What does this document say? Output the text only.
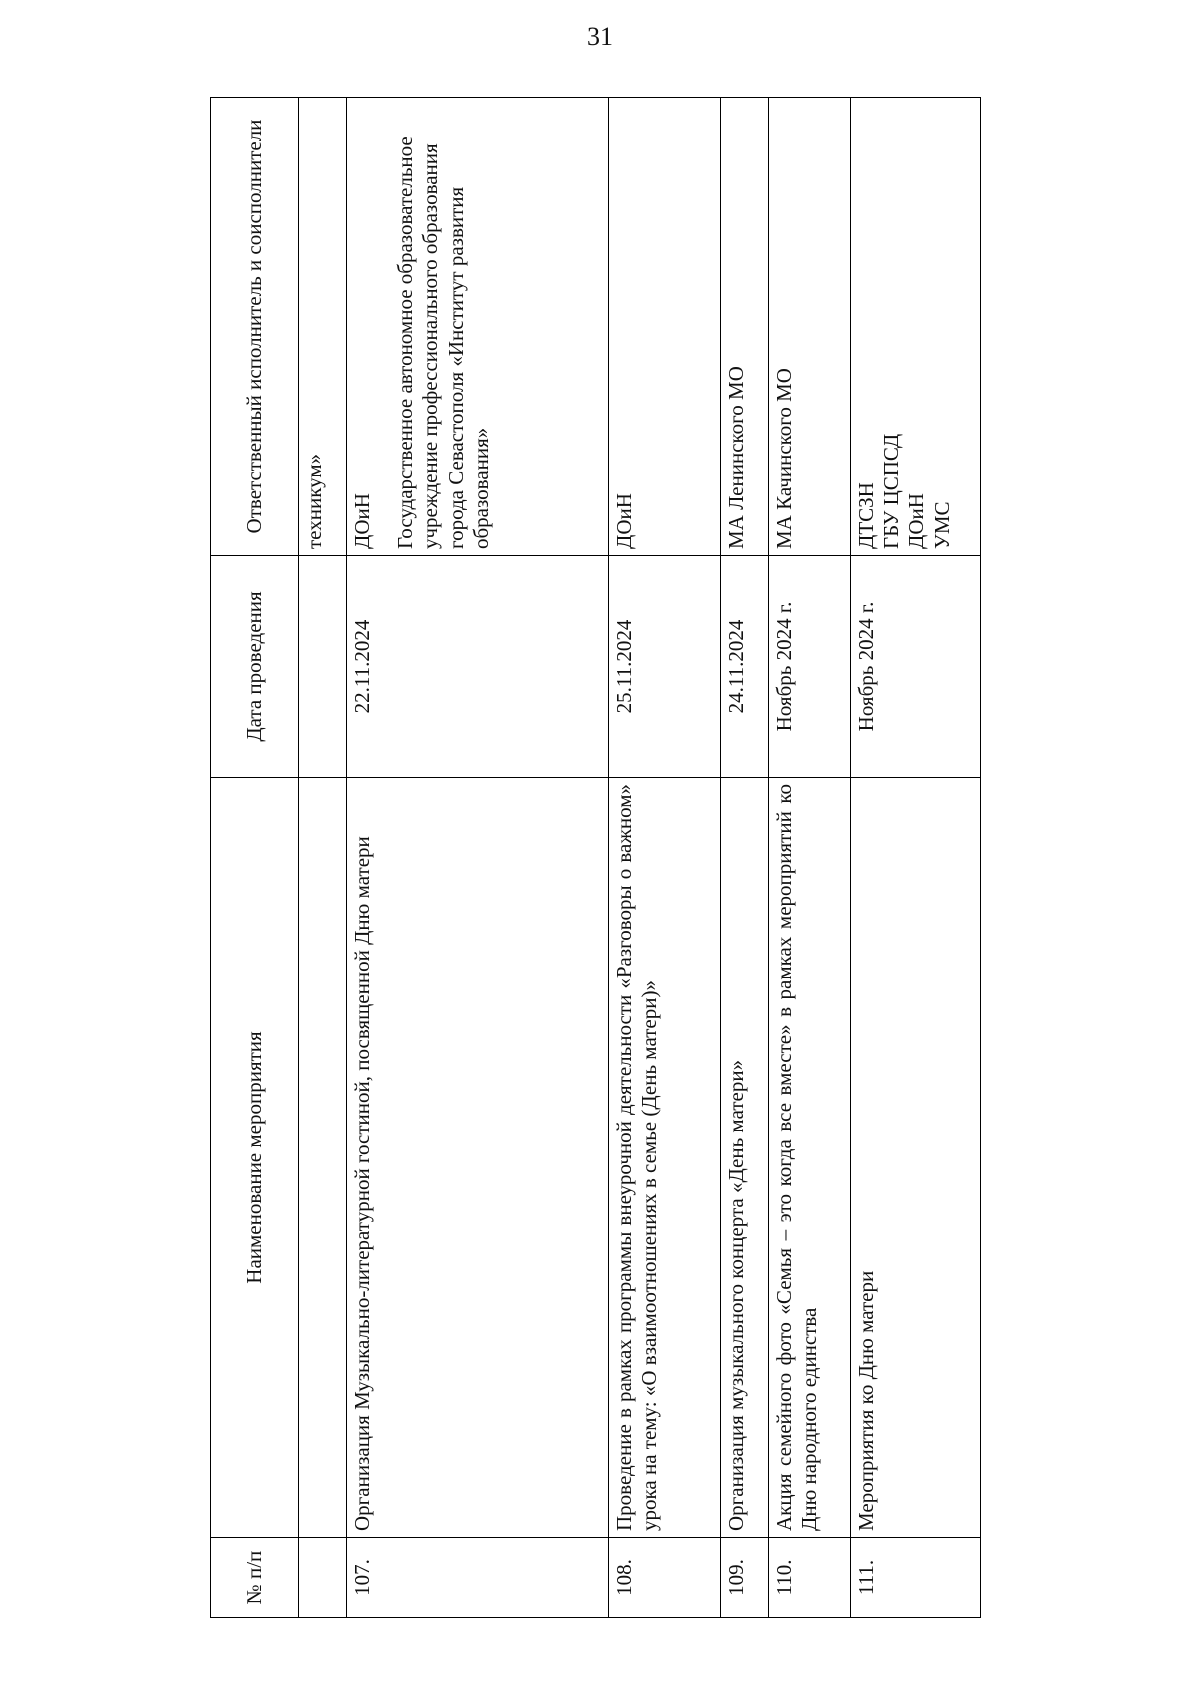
31
№ п/п	Наименование мероприятия	Дата проведения	Ответственный исполнитель и соисполнители

			техникум»

107.	Организация Музыкально-литературной гостиной, посвященной Дню матери	22.11.2024	ДОиН Государственное автономное образовательное учреждение профессионального образования города Севастополя «Институт развития образования»

108.	Проведение в рамках программы внеурочной деятельности «Разговоры о важном» урока на тему: «О взаимоотношениях в семье (День матери)»	25.11.2024	ДОиН

109.	Организация музыкального концерта «День матери»	24.11.2024	МА Ленинского МО

110.	Акция семейного фото «Семья – это когда все вместе» в рамках мероприятий ко Дню народного единства	Ноябрь 2024 г.	МА Качинского МО

111.	Мероприятия ко Дню матери	Ноябрь 2024 г.	ДТСЗН ГБУ ЦСПСД ДОиН УМС
